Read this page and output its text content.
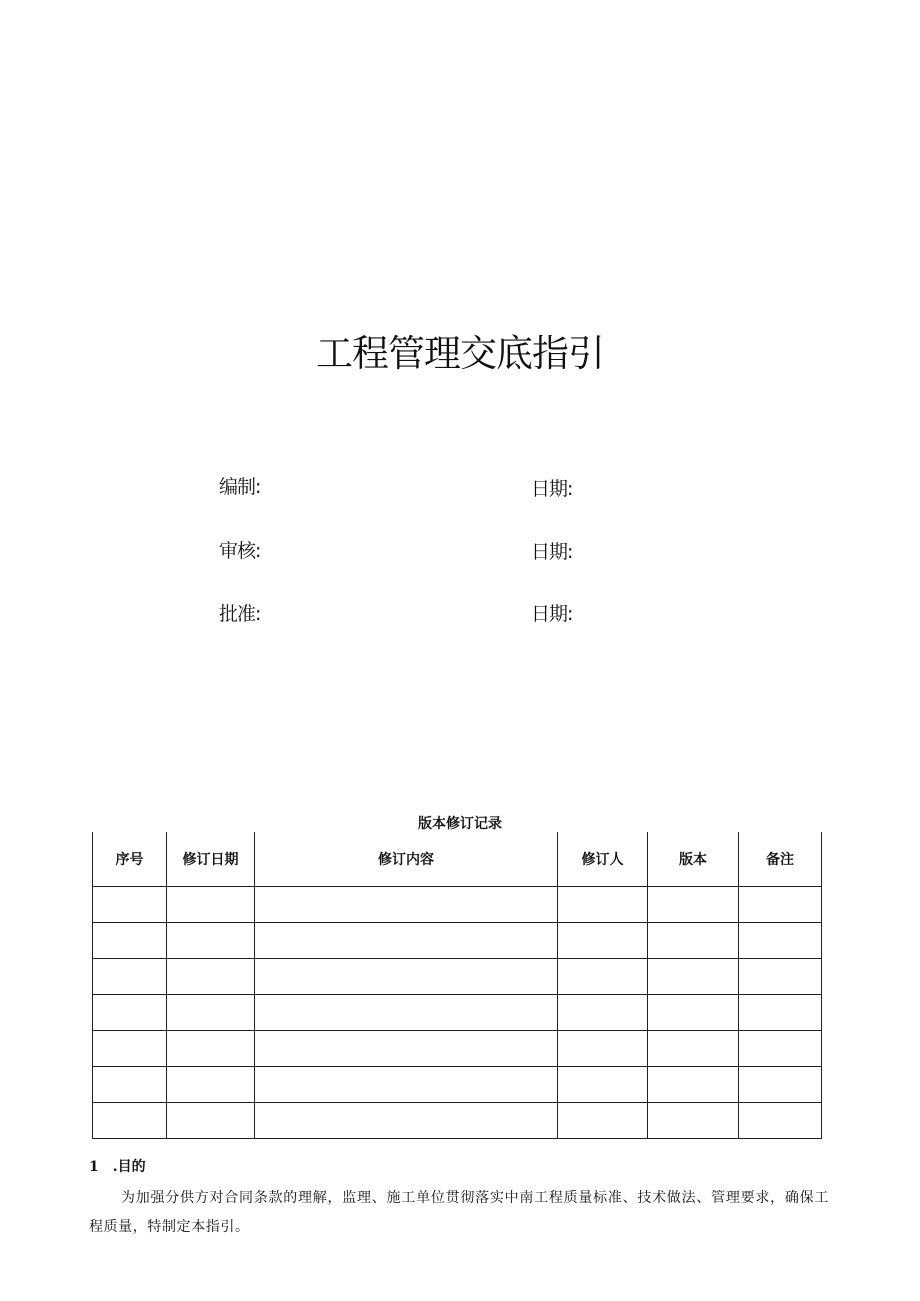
工程管理交底指引
编制:	日期:
审核:	日期:
批准:	日期:
版本修订记录
序号	修订日期	修订内容	修订人	版本	备注

1　.目的
为加强分供方对合同条款的理解，监理、施工单位贯彻落实中南工程质量标准、技术做法、管理要求，确保工程质量，特制定本指引。
